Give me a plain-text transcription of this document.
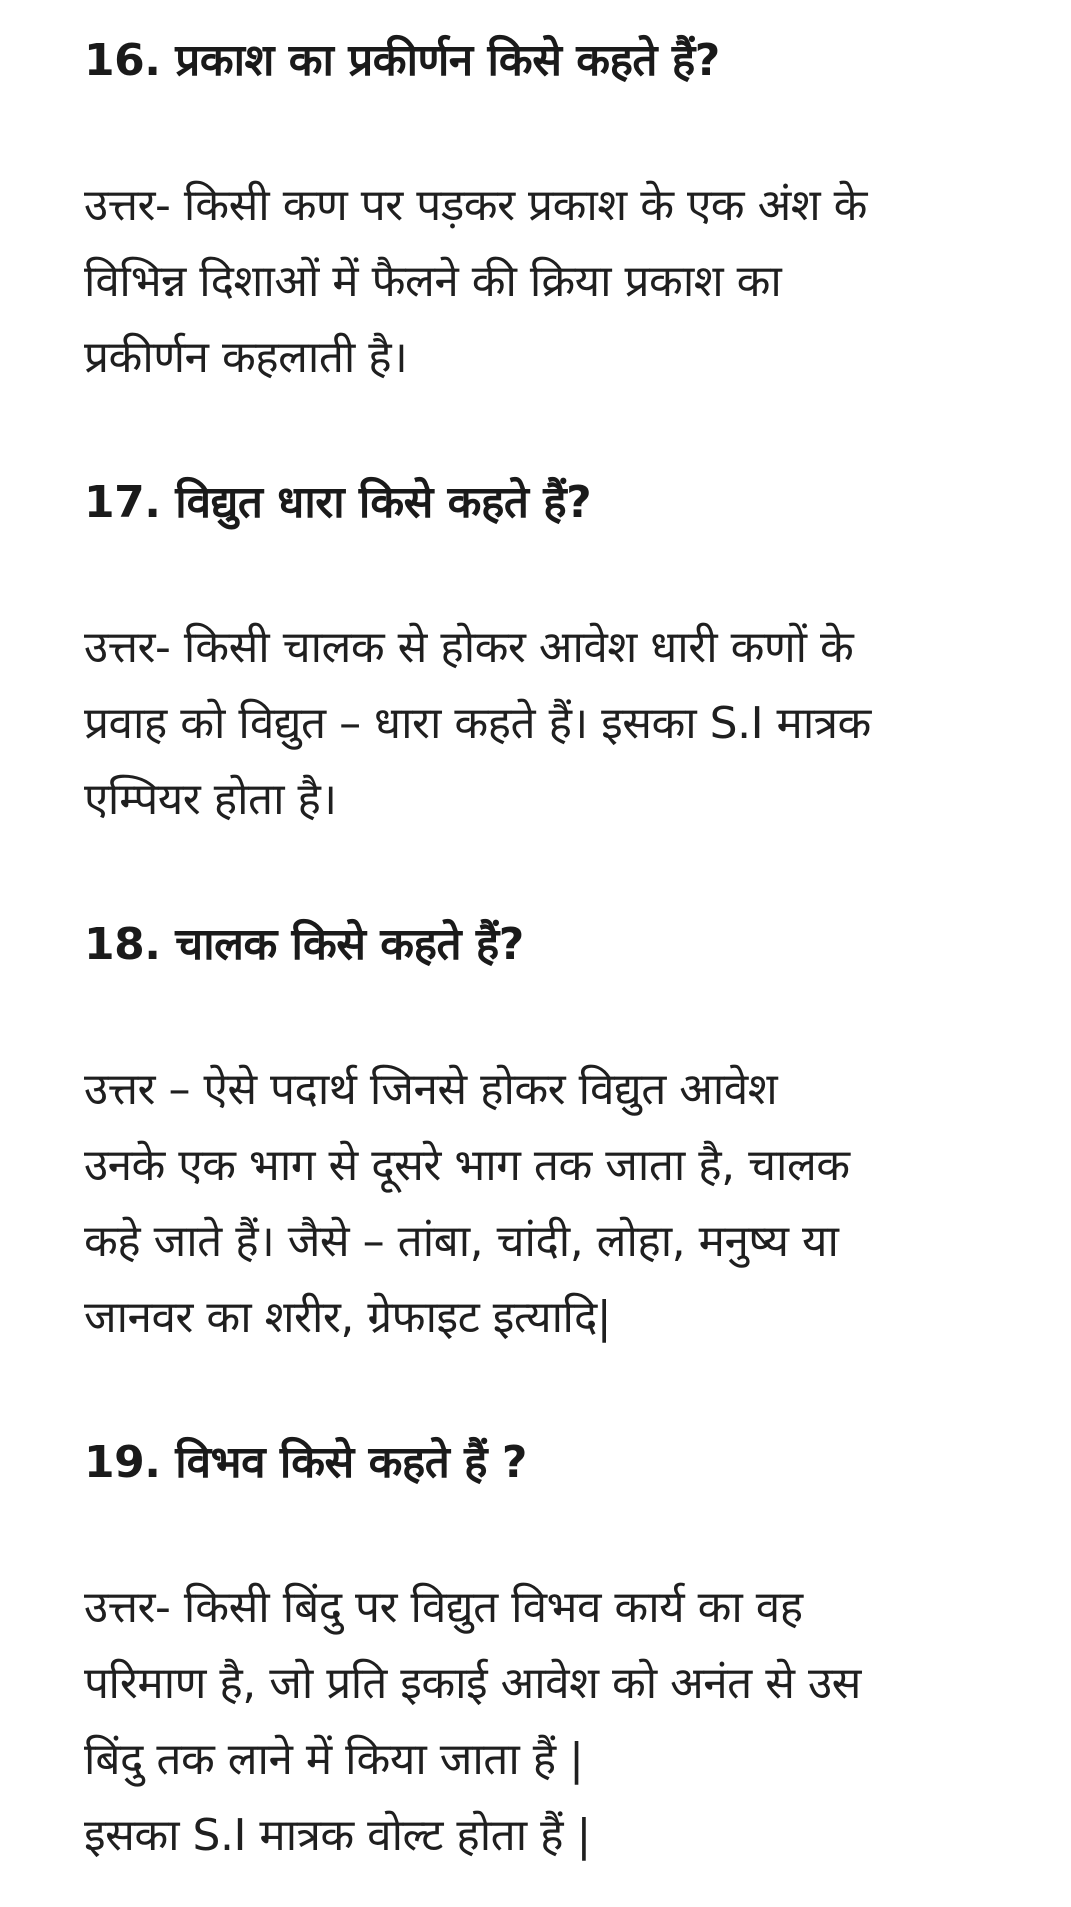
16. प्रकाश का प्रकीर्णन किसे कहते हैं?

उत्तर- किसी कण पर पड़कर प्रकाश के एक अंश के
विभिन्न दिशाओं में फैलने की क्रिया प्रकाश का
प्रकीर्णन कहलाती है।

17. विद्युत धारा किसे कहते हैं?

उत्तर- किसी चालक से होकर आवेश धारी कणों के
प्रवाह को विद्युत – धारा कहते हैं। इसका S.I मात्रक
एम्पियर होता है।

18. चालक किसे कहते हैं?

उत्तर – ऐसे पदार्थ जिनसे होकर विद्युत आवेश
उनके एक भाग से दूसरे भाग तक जाता है, चालक
कहे जाते हैं। जैसे – तांबा, चांदी, लोहा, मनुष्य या
जानवर का शरीर, ग्रेफाइट इत्यादि|

19. विभव किसे कहते हैं ?

उत्तर- किसी बिंदु पर विद्युत विभव कार्य का वह
परिमाण है, जो प्रति इकाई आवेश को अनंत से उस
बिंदु तक लाने में किया जाता हैं |
इसका S.I मात्रक वोल्ट होता हैं |
